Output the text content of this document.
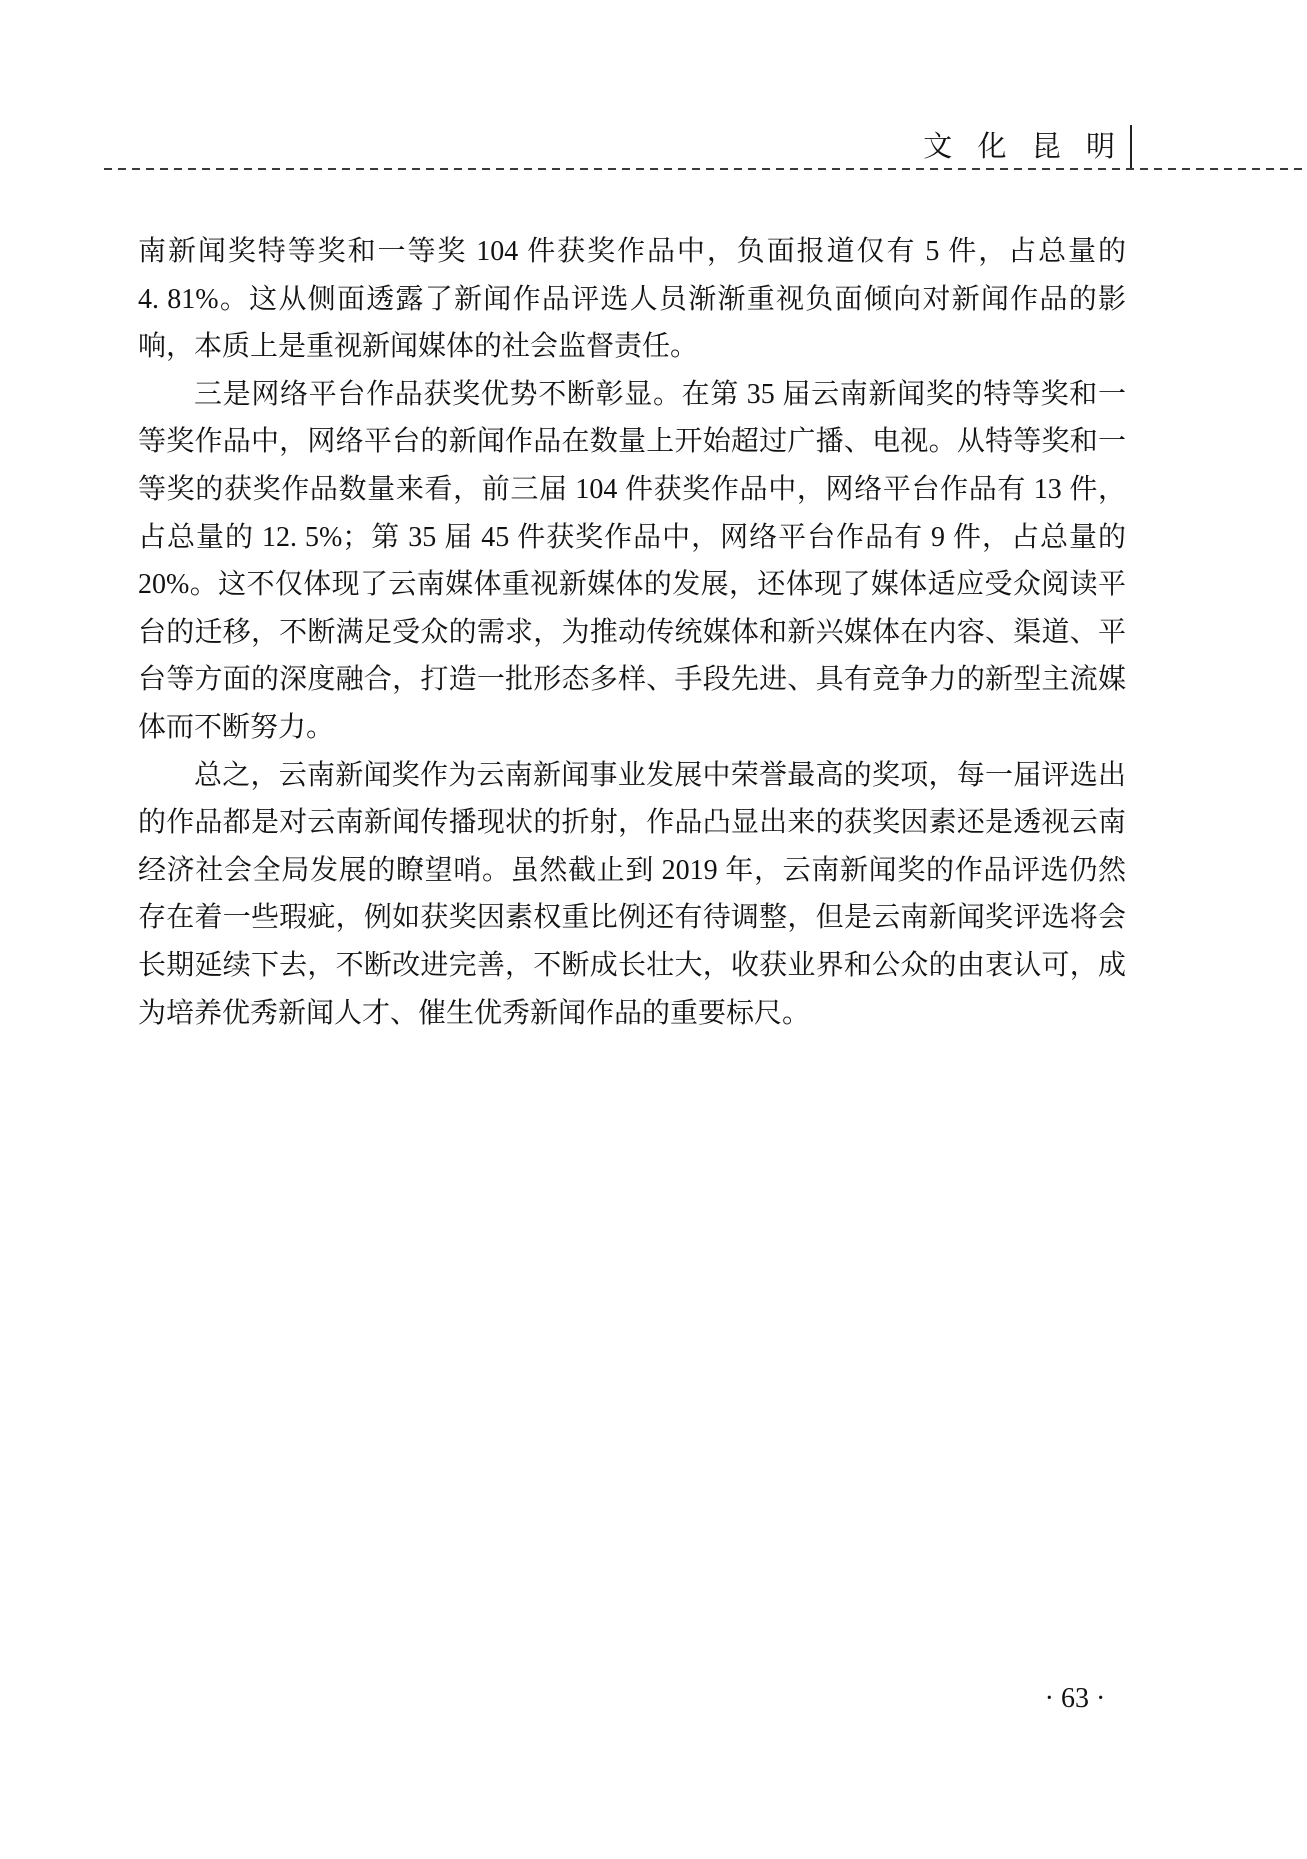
文 化 昆 明
南新闻奖特等奖和一等奖 104 件获奖作品中，负面报道仅有 5 件，占总量的
4. 81%。这从侧面透露了新闻作品评选人员渐渐重视负面倾向对新闻作品的影
响，本质上是重视新闻媒体的社会监督责任。
三是网络平台作品获奖优势不断彰显。在第 35 届云南新闻奖的特等奖和一
等奖作品中，网络平台的新闻作品在数量上开始超过广播、电视。从特等奖和一
等奖的获奖作品数量来看，前三届 104 件获奖作品中，网络平台作品有 13 件，
占总量的 12. 5%；第 35 届 45 件获奖作品中，网络平台作品有 9 件，占总量的
20%。这不仅体现了云南媒体重视新媒体的发展，还体现了媒体适应受众阅读平
台的迁移，不断满足受众的需求，为推动传统媒体和新兴媒体在内容、渠道、平
台等方面的深度融合，打造一批形态多样、手段先进、具有竞争力的新型主流媒
体而不断努力。
总之，云南新闻奖作为云南新闻事业发展中荣誉最高的奖项，每一届评选出
的作品都是对云南新闻传播现状的折射，作品凸显出来的获奖因素还是透视云南
经济社会全局发展的瞭望哨。虽然截止到 2019 年，云南新闻奖的作品评选仍然
存在着一些瑕疵，例如获奖因素权重比例还有待调整，但是云南新闻奖评选将会
长期延续下去，不断改进完善，不断成长壮大，收获业界和公众的由衷认可，成
为培养优秀新闻人才、催生优秀新闻作品的重要标尺。
· 63 ·
